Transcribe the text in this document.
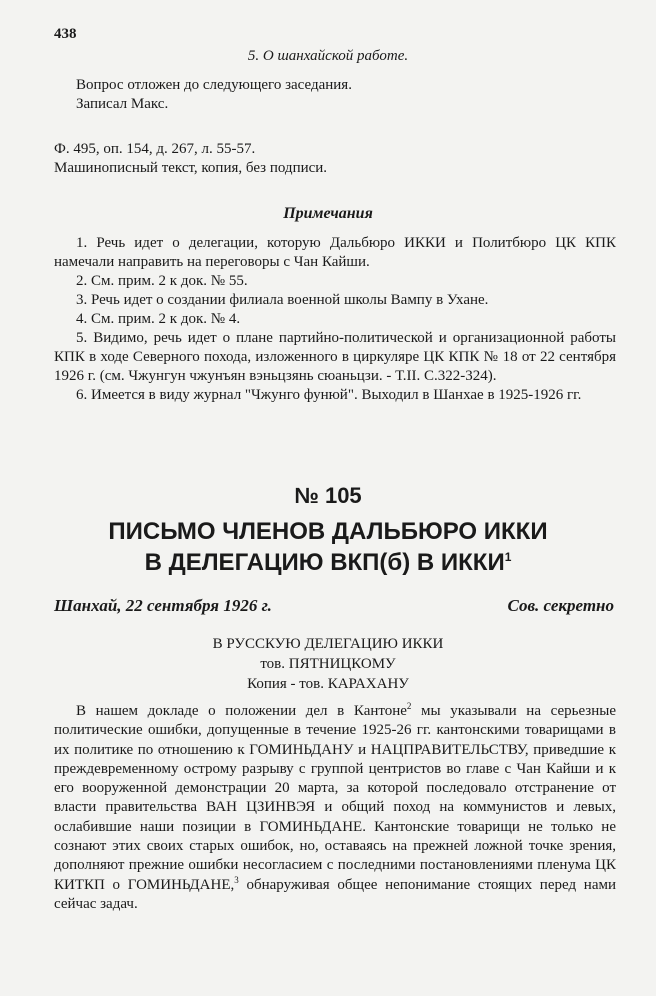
438
5. О шанхайской работе.
Вопрос отложен до следующего заседания.
Записал Макс.
Ф. 495, оп. 154, д. 267, л. 55-57.
Машинописный текст, копия, без подписи.
Примечания

1. Речь идет о делегации, которую Дальбюро ИККИ и Политбюро ЦК КПК намечали направить на переговоры с Чан Кайши.

2. См. прим. 2 к док. № 55.

3. Речь идет о создании филиала военной школы Вампу в Ухане.

4. См. прим. 2 к док. № 4.

5. Видимо, речь идет о плане партийно-политической и организационной работы КПК в ходе Северного похода, изложенного в циркуляре ЦК КПК № 18 от 22 сентября 1926 г. (см. Чжунгун чжунъян вэньцзянь сюаньцзи. - Т.II. С.322-324).

6. Имеется в виду журнал "Чжунго фунюй". Выходил в Шанхае в 1925-1926 гг.

№ 105
ПИСЬМО ЧЛЕНОВ ДАЛЬБЮРО ИККИ
В ДЕЛЕГАЦИЮ ВКП(б) В ИККИ$^1$
Шанхай, 22 сентября 1926 г.	Сов. секретно
В РУССКУЮ ДЕЛЕГАЦИЮ ИККИ
тов. ПЯТНИЦКОМУ
Копия - тов. КАРАХАНУ

В нашем докладе о положении дел в Кантоне$^2$ мы указывали на серьезные политические ошибки, допущенные в течение 1925-26 гг. кантонскими товарищами в их политике по отношению к ГОМИНЬДАНУ и НАЦПРАВИТЕЛЬСТВУ, приведшие к преждевременному острому разрыву с группой центристов во главе с Чан Кайши и к его вооруженной демонстрации 20 марта, за которой последовало отстранение от власти правительства ВАН ЦЗИНВЭЯ и общий поход на коммунистов и левых, ослабившие наши позиции в ГОМИНЬДАНЕ. Кантонские товарищи не только не сознают этих своих старых ошибок, но, оставаясь на прежней ложной точке зрения, дополняют прежние ошибки несогласием с последними постановлениями пленума ЦК КИТКП о ГОМИНЬДАНЕ,$^3$ обнаруживая общее непонимание стоящих перед нами сейчас задач.
